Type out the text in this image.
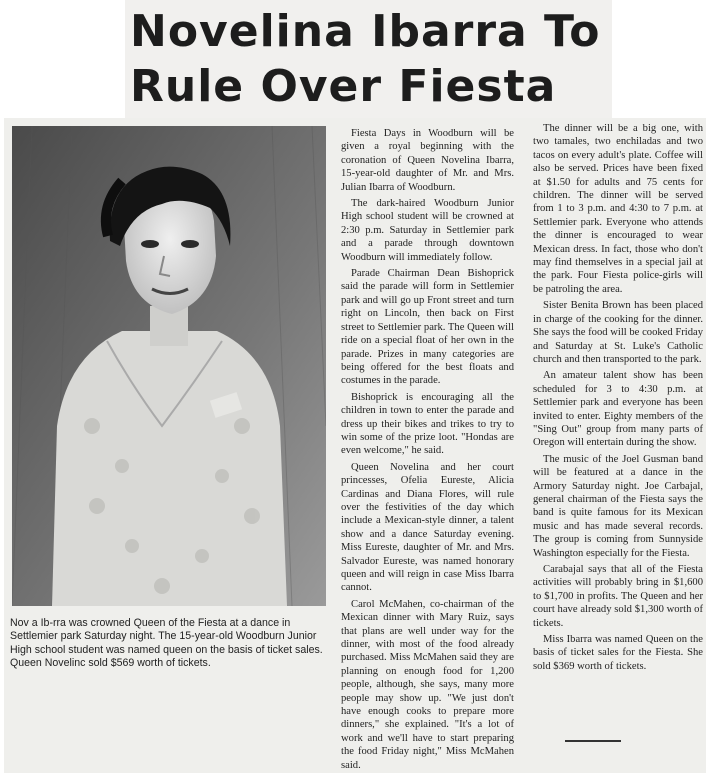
Novelina Ibarra To
Rule Over Fiesta
Nov a Ib-rra was crowned Queen of the Fiesta at a dance in Settlemier park Saturday night. The 15-year-old Woodburn Junior High school student was named queen on the basis of ticket sales. Queen Novelinc sold $569 worth of tickets.

Fiesta Days in Woodburn will be given a royal beginning with the coronation of Queen Novelina Ibarra, 15-year-old daughter of Mr. and Mrs. Julian Ibarra of Woodburn.

The dark-haired Woodburn Junior High school student will be crowned at 2:30 p.m. Saturday in Settlemier park and a parade through downtown Woodburn will immediately follow.

Parade Chairman Dean Bishoprick said the parade will form in Settlemier park and will go up Front street and turn right on Lincoln, then back on First street to Settlemier park. The Queen will ride on a special float of her own in the parade. Prizes in many categories are being offered for the best floats and costumes in the parade.

Bishoprick is encouraging all the children in town to enter the parade and dress up their bikes and trikes to try to win some of the prize loot. "Hondas are even welcome," he said.

Queen Novelina and her court princesses, Ofelia Eureste, Alicia Cardinas and Diana Flores, will rule over the festivities of the day which include a Mexican-style dinner, a talent show and a dance Saturday evening. Miss Eureste, daughter of Mr. and Mrs. Salvador Eureste, was named honorary queen and will reign in case Miss Ibarra cannot.

Carol McMahen, co-chairman of the Mexican dinner with Mary Ruiz, says that plans are well under way for the dinner, with most of the food already purchased. Miss McMahen said they are planning on enough food for 1,200 people, although, she says, many more people may show up. "We just don't have enough cooks to prepare more dinners," she explained. "It's a lot of work and we'll have to start preparing the food Friday night," Miss McMahen said.

The dinner will be a big one, with two tamales, two enchiladas and two tacos on every adult's plate. Coffee will also be served. Prices have been fixed at $1.50 for adults and 75 cents for children. The dinner will be served from 1 to 3 p.m. and 4:30 to 7 p.m. at Settlemier park. Everyone who attends the dinner is encouraged to wear Mexican dress. In fact, those who don't may find themselves in a special jail at the park. Four Fiesta police-girls will be patroling the area.

Sister Benita Brown has been placed in charge of the cooking for the dinner. She says the food will be cooked Friday and Saturday at St. Luke's Catholic church and then transported to the park.

An amateur talent show has been scheduled for 3 to 4:30 p.m. at Settlemier park and everyone has been invited to enter. Eighty members of the "Sing Out" group from many parts of Oregon will entertain during the show.

The music of the Joel Gusman band will be featured at a dance in the Armory Saturday night. Joe Carbajal, general chairman of the Fiesta says the band is quite famous for its Mexican music and has made several records. The group is coming from Sunnyside Washington especially for the Fiesta.

Carabajal says that all of the Fiesta activities will probably bring in $1,600 to $1,700 in profits. The Queen and her court have already sold $1,300 worth of tickets.

Miss Ibarra was named Queen on the basis of ticket sales for the Fiesta. She sold $369 worth of tickets.
